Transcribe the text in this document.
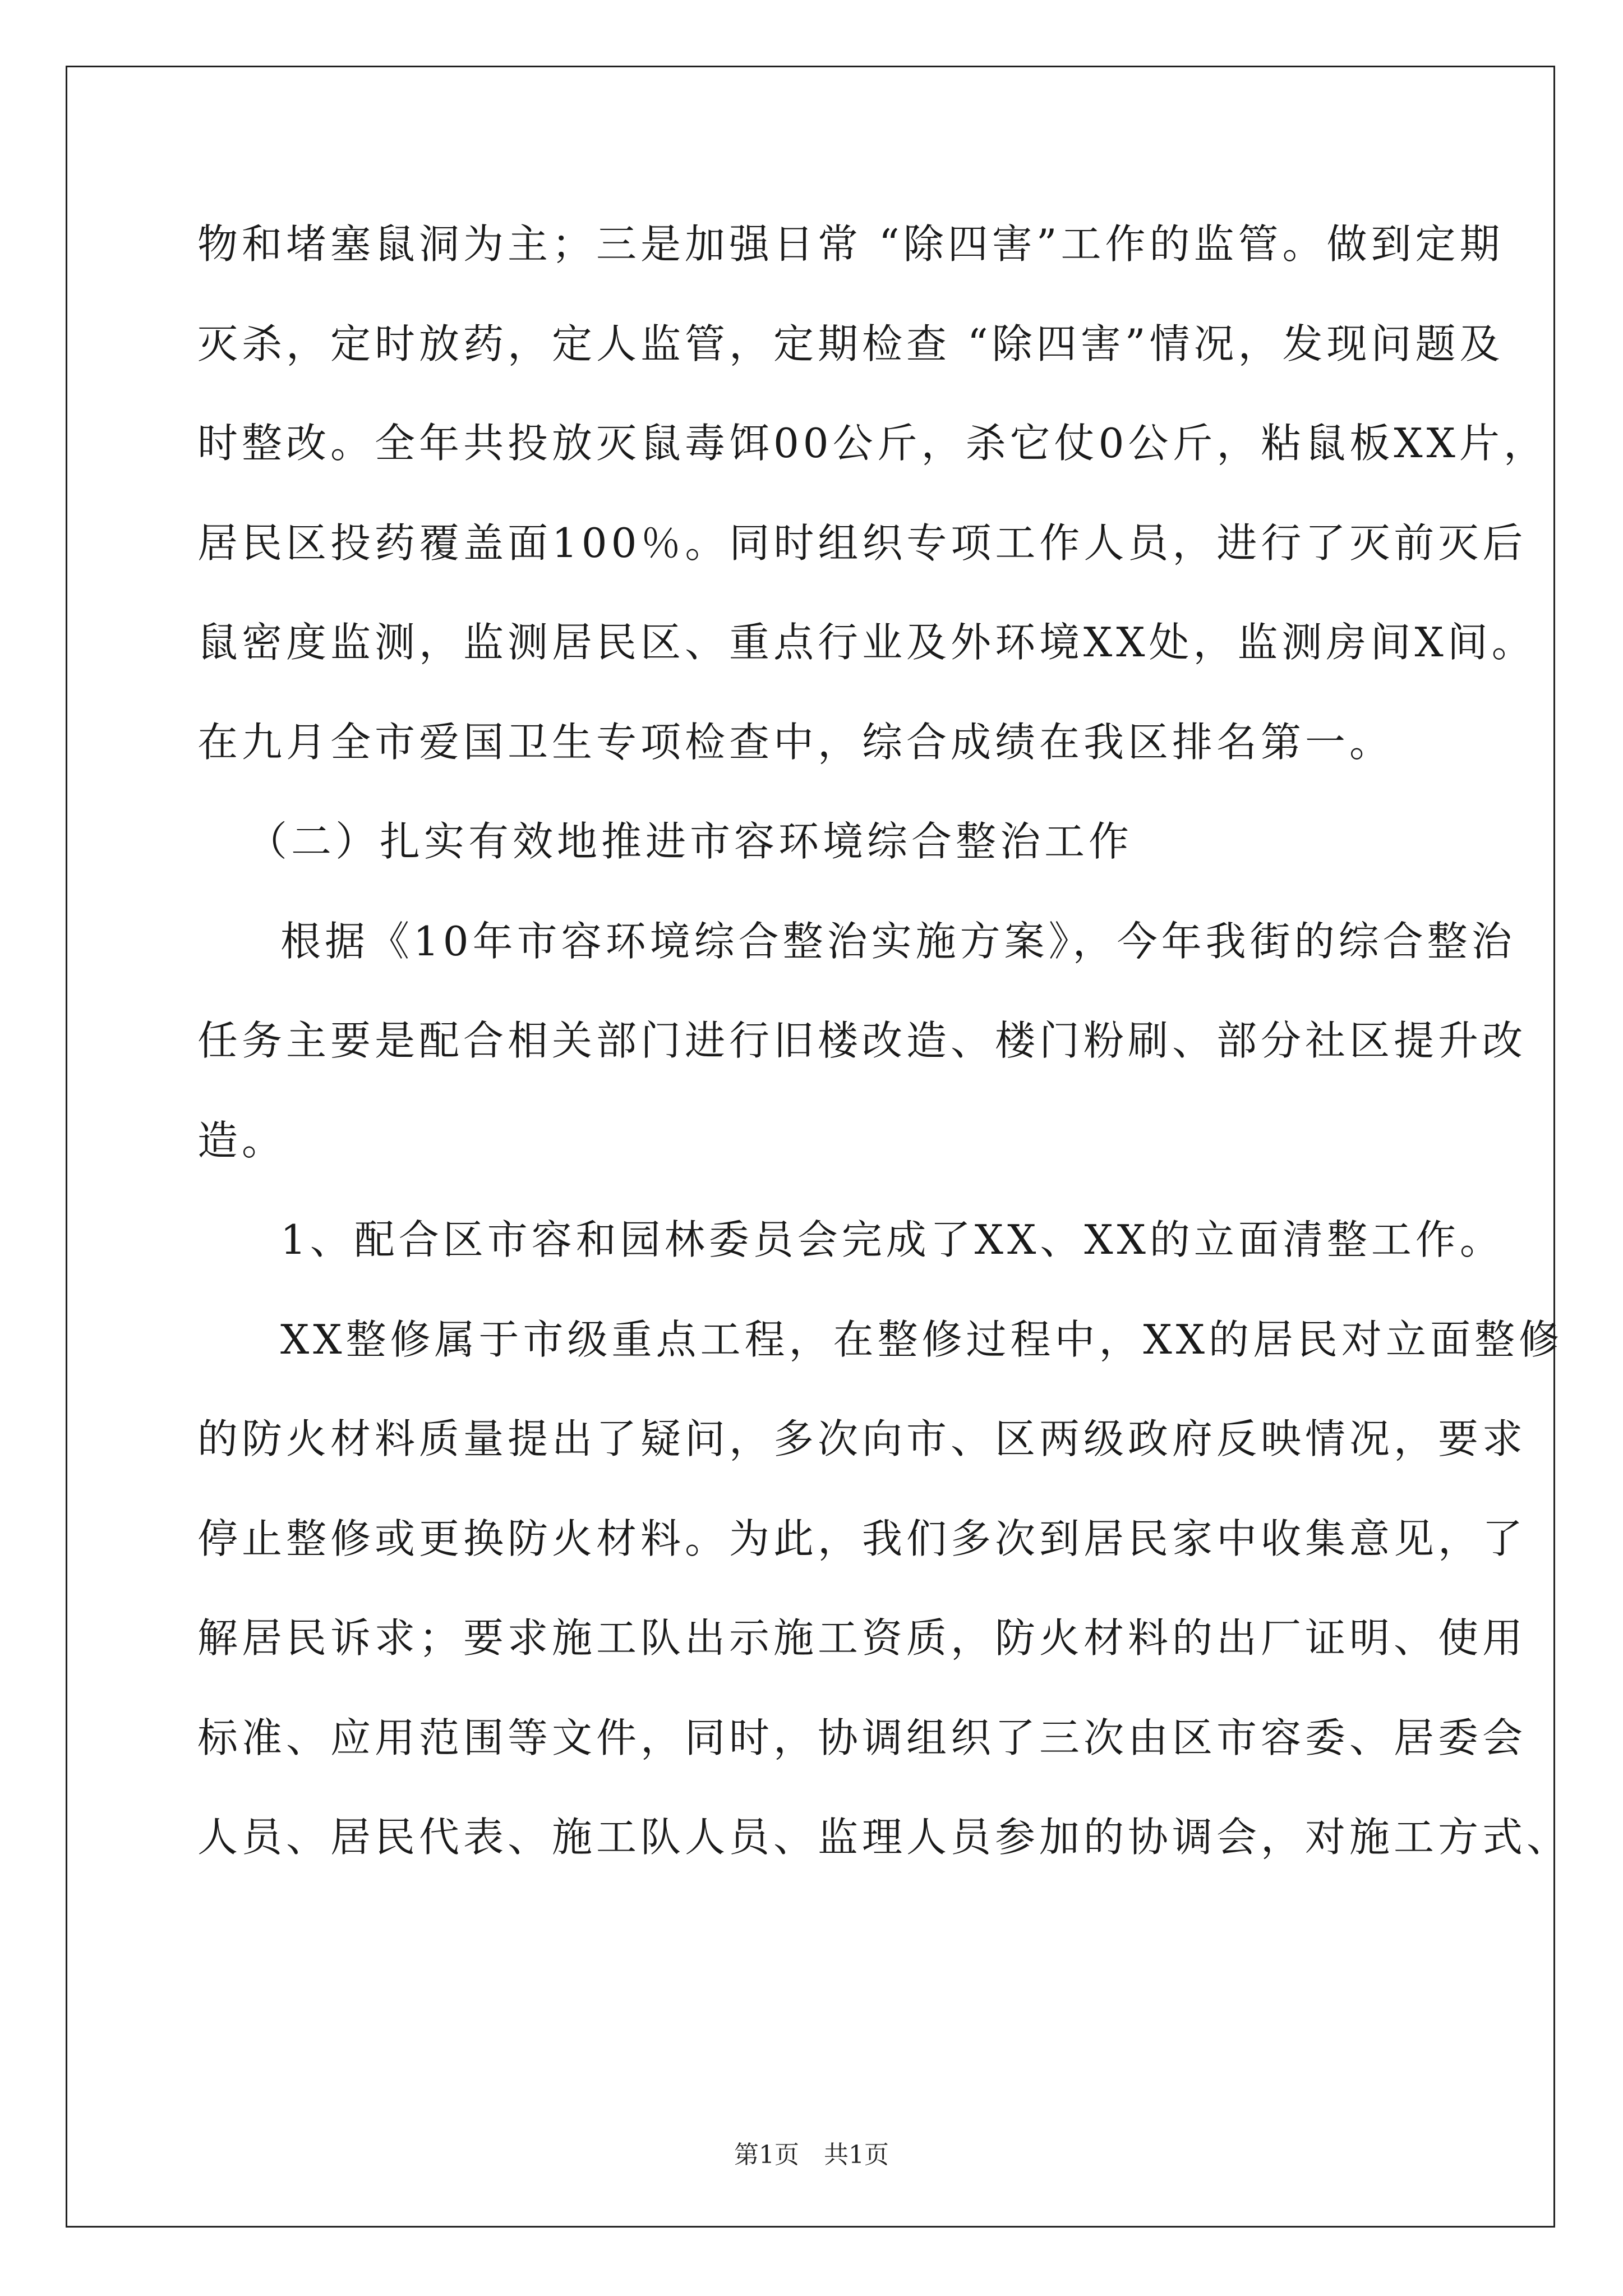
物和堵塞鼠洞为主；三是加强日常 “除四害”工作的监管。做到定期
灭杀，定时放药，定人监管，定期检查 “除四害”情况，发现问题及
时整改。全年共投放灭鼠毒饵00公斤，杀它仗0公斤，粘鼠板XX片，
居民区投药覆盖面100％。同时组织专项工作人员，进行了灭前灭后
鼠密度监测，监测居民区、重点行业及外环境XX处，监测房间X间。
在九月全市爱国卫生专项检查中，综合成绩在我区排名第一。
（二）扎实有效地推进市容环境综合整治工作
根据《10年市容环境综合整治实施方案》，今年我街的综合整治
任务主要是配合相关部门进行旧楼改造、楼门粉刷、部分社区提升改
造。
1、配合区市容和园林委员会完成了XX、XX的立面清整工作。
XX整修属于市级重点工程，在整修过程中，XX的居民对立面整修
的防火材料质量提出了疑问，多次向市、区两级政府反映情况，要求
停止整修或更换防火材料。为此，我们多次到居民家中收集意见，了
解居民诉求；要求施工队出示施工资质，防火材料的出厂证明、使用
标准、应用范围等文件，同时，协调组织了三次由区市容委、居委会
人员、居民代表、施工队人员、监理人员参加的协调会，对施工方式、
第1页　共1页
